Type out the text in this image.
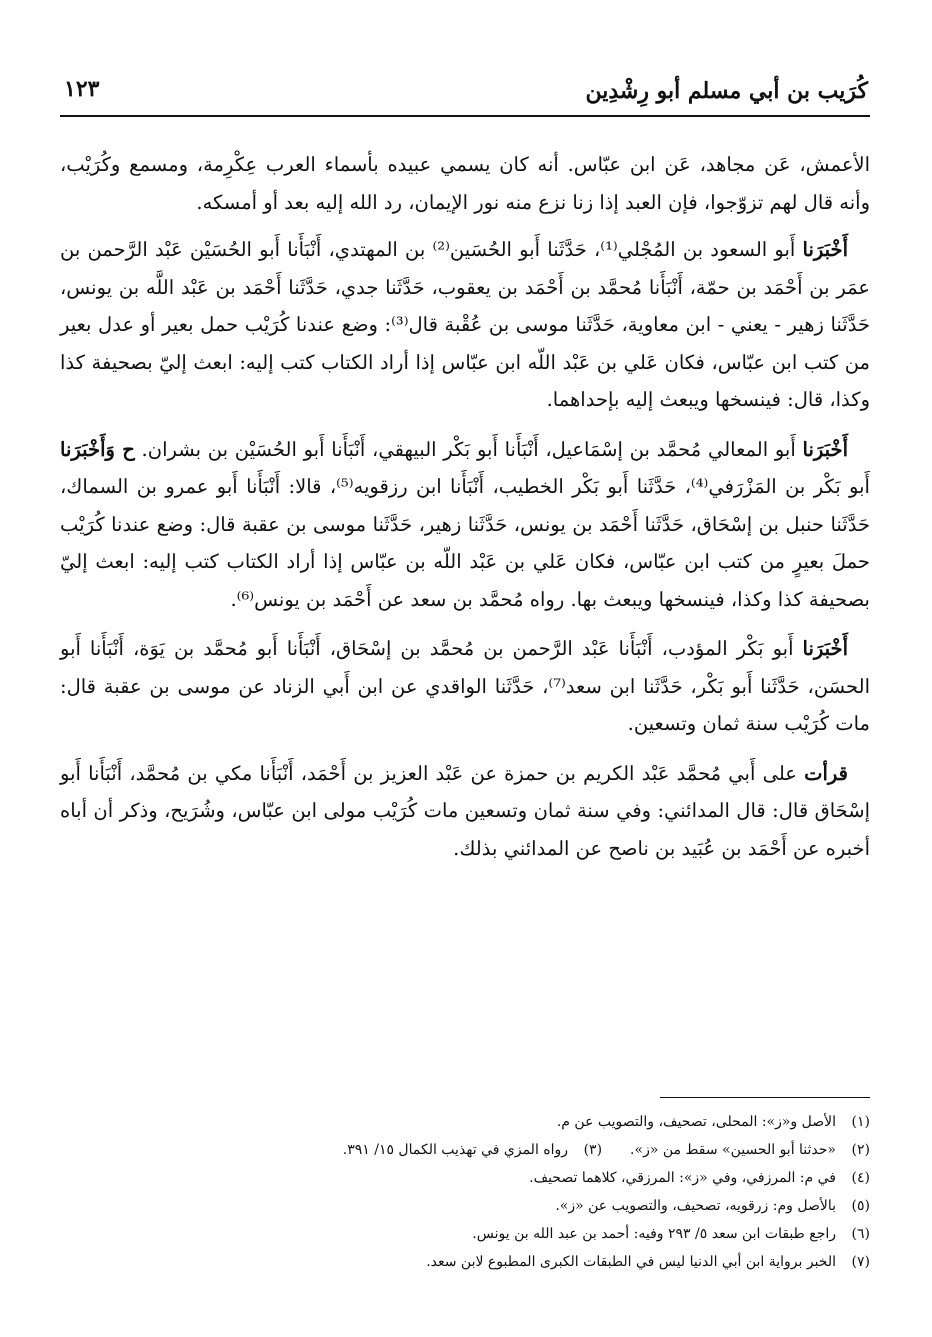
كُرَيب بن أبي مسلم أبو رِشْدِين
١٢٣

الأعمش، عَن مجاهد، عَن ابن عبّاس. أنه كان يسمي عبيده بأسماء العرب عِكْرِمة، ومسمع وكُرَيْب، وأنه قال لهم تزوّجوا، فإن العبد إذا زنا نزع منه نور الإيمان، رد الله إليه بعد أو أمسكه.

أَخْبَرَنا أَبو السعود بن المُجْلي⁽¹⁾، حَدَّثَنا أَبو الحُسَين⁽²⁾ بن المهتدي، أَنْبَأَنا أَبو الحُسَيْن عَبْد الرَّحمن بن عمَر بن أَحْمَد بن حمّة، أَنْبَأَنا مُحمَّد بن أَحْمَد بن يعقوب، حَدَّثَنا جدي، حَدَّثَنا أَحْمَد بن عَبْد اللَّه بن يونس، حَدَّثَنا زهير - يعني - ابن معاوية، حَدَّثَنا موسى بن عُقْبة قال⁽³⁾: وضع عندنا كُرَيْب حمل بعير أو عدل بعير من كتب ابن عبّاس، فكان عَلي بن عَبْد اللّه ابن عبّاس إذا أراد الكتاب كتب إليه: ابعث إليّ بصحيفة كذا وكذا، قال: فينسخها ويبعث إليه بإحداهما.

أَخْبَرَنا أَبو المعالي مُحمَّد بن إسْمَاعيل، أَنْبَأَنا أَبو بَكْر البيهقي، أَنْبَأَنا أَبو الحُسَيْن بن بشران. ح وَأَخْبَرَنا أَبو بَكْر بن المَزْرَفي⁽⁴⁾، حَدَّثَنا أَبو بَكْر الخطيب، أَنْبَأَنا ابن رزقويه⁽⁵⁾، قالا: أَنْبَأَنا أَبو عمرو بن السماك، حَدَّثَنا حنبل بن إسْحَاق، حَدَّثَنا أَحْمَد بن يونس، حَدَّثَنا زهير، حَدَّثَنا موسى بن عقبة قال: وضع عندنا كُرَيْب حملَ بعيرٍ من كتب ابن عبّاس، فكان عَلي بن عَبْد اللّه بن عبّاس إذا أراد الكتاب كتب إليه: ابعث إليّ بصحيفة كذا وكذا، فينسخها ويبعث بها. رواه مُحمَّد بن سعد عن أَحْمَد بن يونس⁽⁶⁾.

أَخْبَرَنا أَبو بَكْر المؤدب، أَنْبَأَنا عَبْد الرَّحمن بن مُحمَّد بن إسْحَاق، أَنْبَأَنا أَبو مُحمَّد بن يَوَة، أَنْبَأَنا أَبو الحسَن، حَدَّثَنا أَبو بَكْر، حَدَّثَنا ابن سعد⁽⁷⁾، حَدَّثَنا الواقدي عن ابن أَبي الزناد عن موسى بن عقبة قال: مات كُرَيْب سنة ثمان وتسعين.

قرأت على أَبي مُحمَّد عَبْد الكريم بن حمزة عن عَبْد العزيز بن أَحْمَد، أَنْبَأَنا مكي بن مُحمَّد، أَنْبَأَنا أَبو إسْحَاق قال: قال المدائني: وفي سنة ثمان وتسعين مات كُرَيْب مولى ابن عبّاس، وشُرَيح، وذكر أن أباه أخبره عن أَحْمَد بن عُبَيد بن ناصح عن المدائني بذلك.

(١)
الأصل و«ز»: المحلى، تصحيف، والتصويب عن م.
(٢)
«حدثنا أبو الحسين» سقط من «ز».
(٣)
رواه المزي في تهذيب الكمال ١٥/ ٣٩١.
(٤)
في م: المرزفي، وفي «ز»: المرزقي، كلاهما تصحيف.
(٥)
بالأصل وم: زرقويه، تصحيف، والتصويب عن «ز».
(٦)
راجع طبقات ابن سعد ٥/ ٢٩٣ وفيه: أحمد بن عبد الله بن يونس.
(٧)
الخبر برواية ابن أبي الدنيا ليس في الطبقات الكبرى المطبوع لابن سعد.
